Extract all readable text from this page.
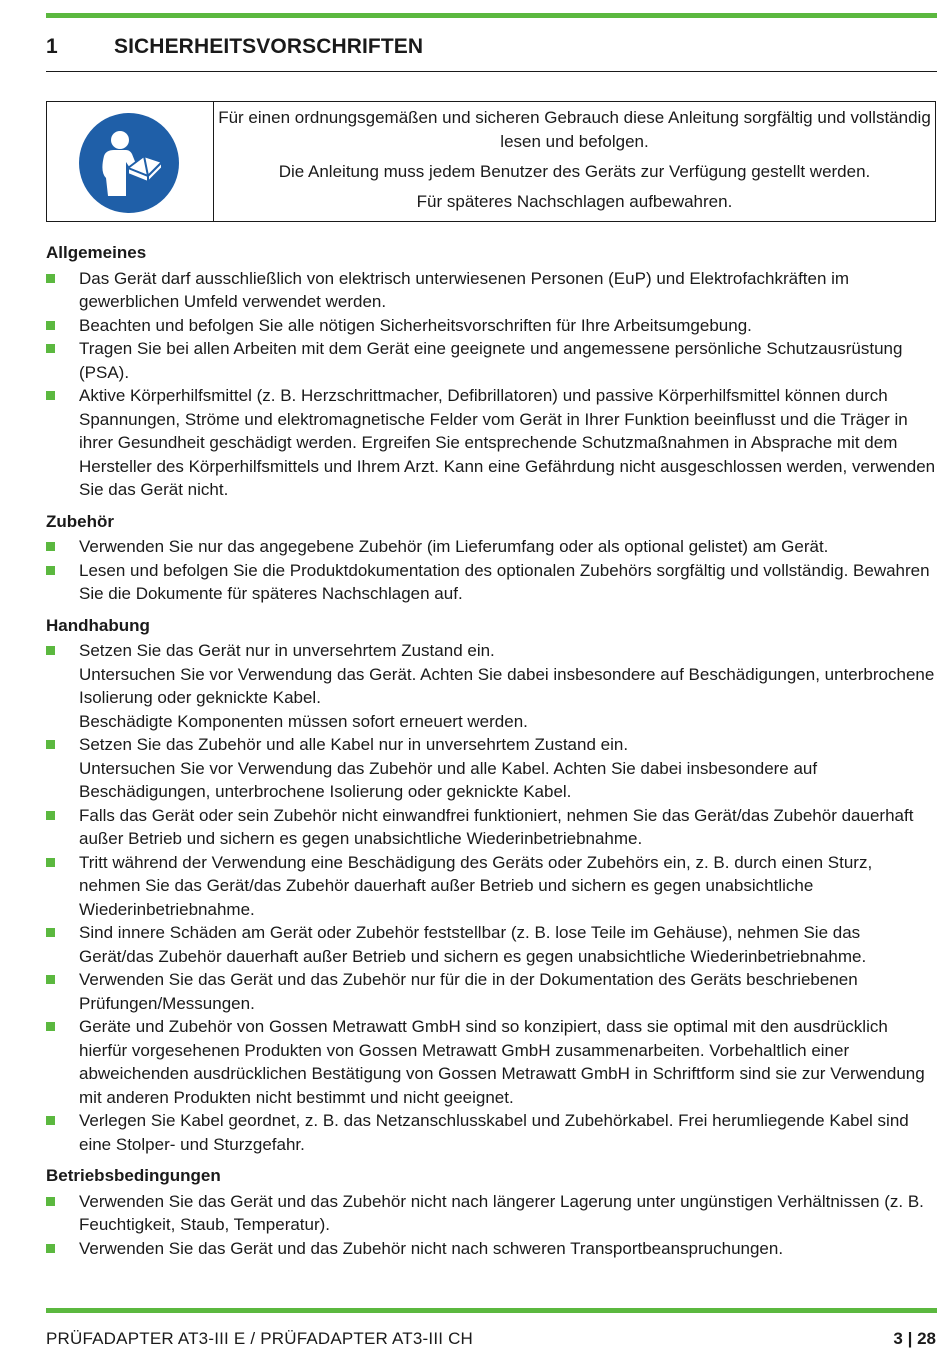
1	SICHERHEITSVORSCHRIFTEN

Für einen ordnungsgemäßen und sicheren Gebrauch diese Anleitung sorgfältig und vollständig lesen und befolgen.

Die Anleitung muss jedem Benutzer des Geräts zur Verfügung gestellt werden.

Für späteres Nachschlagen aufbewahren.

Allgemeines
Das Gerät darf ausschließlich von elektrisch unterwiesenen Personen (EuP) und Elektrofachkräften im gewerblichen Umfeld verwendet werden.
Beachten und befolgen Sie alle nötigen Sicherheitsvorschriften für Ihre Arbeitsumgebung.
Tragen Sie bei allen Arbeiten mit dem Gerät eine geeignete und angemessene persönliche Schutzausrüstung (PSA).
Aktive Körperhilfsmittel (z. B. Herzschrittmacher, Defibrillatoren) und passive Körperhilfsmittel können durch Spannungen, Ströme und elektromagnetische Felder vom Gerät in Ihrer Funktion beeinflusst und die Träger in ihrer Gesundheit geschädigt werden. Ergreifen Sie entsprechende Schutzmaßnahmen in Absprache mit dem Hersteller des Körperhilfsmittels und Ihrem Arzt. Kann eine Gefährdung nicht ausgeschlossen werden, verwenden Sie das Gerät nicht.
Zubehör
Verwenden Sie nur das angegebene Zubehör (im Lieferumfang oder als optional gelistet) am Gerät.
Lesen und befolgen Sie die Produktdokumentation des optionalen Zubehörs sorgfältig und vollständig. Bewahren Sie die Dokumente für späteres Nachschlagen auf.
Handhabung
Setzen Sie das Gerät nur in unversehrtem Zustand ein.
Untersuchen Sie vor Verwendung das Gerät. Achten Sie dabei insbesondere auf Beschädigungen, unterbrochene Isolierung oder geknickte Kabel.
Beschädigte Komponenten müssen sofort erneuert werden.
Setzen Sie das Zubehör und alle Kabel nur in unversehrtem Zustand ein.
Untersuchen Sie vor Verwendung das Zubehör und alle Kabel. Achten Sie dabei insbesondere auf Beschädigungen, unterbrochene Isolierung oder geknickte Kabel.
Falls das Gerät oder sein Zubehör nicht einwandfrei funktioniert, nehmen Sie das Gerät/das Zubehör dauerhaft außer Betrieb und sichern es gegen unabsichtliche Wiederinbetriebnahme.
Tritt während der Verwendung eine Beschädigung des Geräts oder Zubehörs ein, z. B. durch einen Sturz, nehmen Sie das Gerät/das Zubehör dauerhaft außer Betrieb und sichern es gegen unabsichtliche Wiederinbetriebnahme.
Sind innere Schäden am Gerät oder Zubehör feststellbar (z. B. lose Teile im Gehäuse), nehmen Sie das Gerät/das Zubehör dauerhaft außer Betrieb und sichern es gegen unabsichtliche Wiederinbetriebnahme.
Verwenden Sie das Gerät und das Zubehör nur für die in der Dokumentation des Geräts beschriebenen Prüfungen/Messungen.
Geräte und Zubehör von Gossen Metrawatt GmbH sind so konzipiert, dass sie optimal mit den ausdrücklich hierfür vorgesehenen Produkten von Gossen Metrawatt GmbH zusammenarbeiten. Vorbehaltlich einer abweichenden ausdrücklichen Bestätigung von Gossen Metrawatt GmbH in Schriftform sind sie zur Verwendung mit anderen Produkten nicht bestimmt und nicht geeignet.
Verlegen Sie Kabel geordnet, z. B. das Netzanschlusskabel und Zubehörkabel. Frei herumliegende Kabel sind eine Stolper- und Sturzgefahr.
Betriebsbedingungen
Verwenden Sie das Gerät und das Zubehör nicht nach längerer Lagerung unter ungünstigen Verhältnissen (z. B. Feuchtigkeit, Staub, Temperatur).
Verwenden Sie das Gerät und das Zubehör nicht nach schweren Transportbeanspruchungen.
PRÜFADAPTER AT3-III E / PRÜFADAPTER AT3-III CH	3 | 28
